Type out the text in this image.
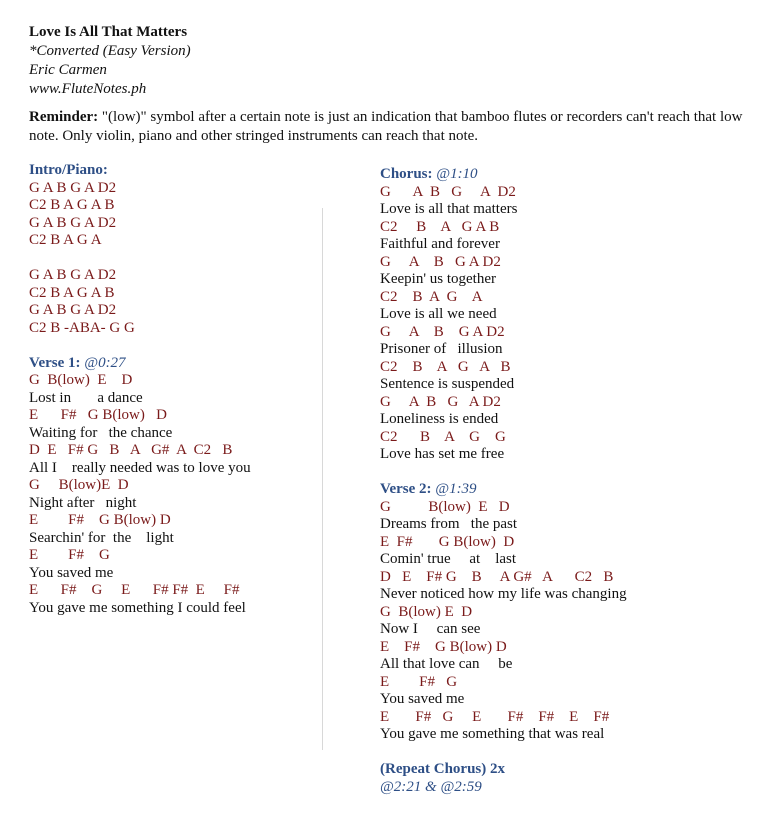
Love Is All That Matters
*Converted (Easy Version)
Eric Carmen
www.FluteNotes.ph
Reminder: "(low)" symbol after a certain note is just an indication that bamboo flutes or recorders can't reach that low note. Only violin, piano and other stringed instruments can reach that note.
Intro/Piano:
G A B G A D2
C2 B A G A B
G A B G A D2
C2 B A G A
G A B G A D2
C2 B A G A B
G A B G A D2
C2 B -ABA- G G
Verse 1: @0:27
G  B(low)  E    D
Lost in       a dance
E      F#   G B(low)   D
Waiting for   the chance
D  E   F# G   B   A   G#  A  C2   B
All I    really needed was to love you
G     B(low)E  D
Night after   night
E        F#    G B(low) D
Searchin' for  the    light
E        F#    G
You saved me
E      F#    G     E      F# F#  E     F#
You gave me something I could feel
Chorus: @1:10
G      A  B   G     A  D2
Love is all that matters
C2     B    A   G A B
Faithful and forever
G     A    B   G A D2
Keepin' us together
C2    B  A  G    A
Love is all we need
G     A    B    G A D2
Prisoner of   illusion
C2    B    A   G   A   B
Sentence is suspended
G     A  B   G   A D2
Loneliness is ended
C2      B    A    G    G
Love has set me free
Verse 2: @1:39
G          B(low)  E   D
Dreams from   the past
E  F#       G B(low)  D
Comin' true     at    last
D   E    F# G    B     A G#   A      C2   B
Never noticed how my life was changing
G  B(low) E  D
Now I     can see
E    F#    G B(low) D
All that love can     be
E        F#   G
You saved me
E       F#   G     E       F#    F#    E    F#
You gave me something that was real
(Repeat Chorus) 2x
@2:21 & @2:59
